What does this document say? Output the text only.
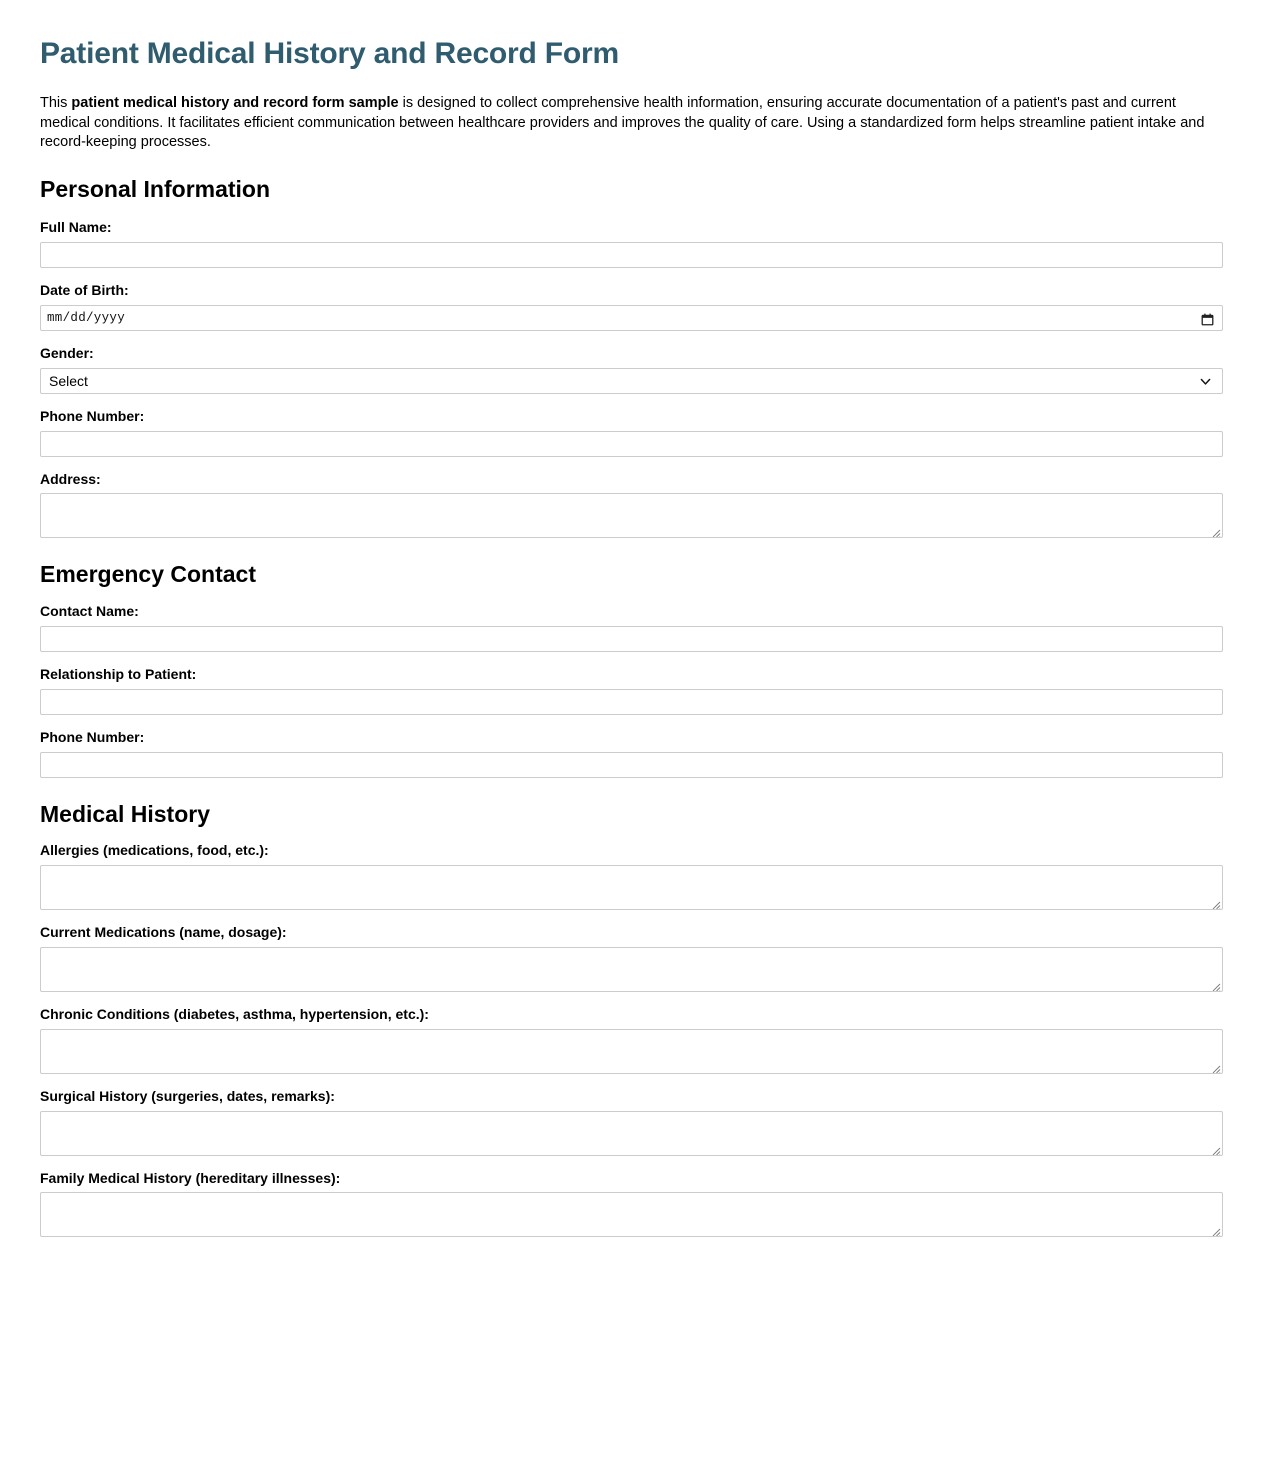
Patient Medical History and Record Form

This patient medical history and record form sample is designed to collect comprehensive health information, ensuring accurate documentation of a patient's past and current medical conditions. It facilitates efficient communication between healthcare providers and improves the quality of care. Using a standardized form helps streamline patient intake and record-keeping processes.

Personal Information
Full Name:
Date of Birth:
mm/dd/yyyy
Gender:
Select
Phone Number:
Address:
Emergency Contact
Contact Name:
Relationship to Patient:
Phone Number:
Medical History
Allergies (medications, food, etc.):
Current Medications (name, dosage):
Chronic Conditions (diabetes, asthma, hypertension, etc.):
Surgical History (surgeries, dates, remarks):
Family Medical History (hereditary illnesses):
